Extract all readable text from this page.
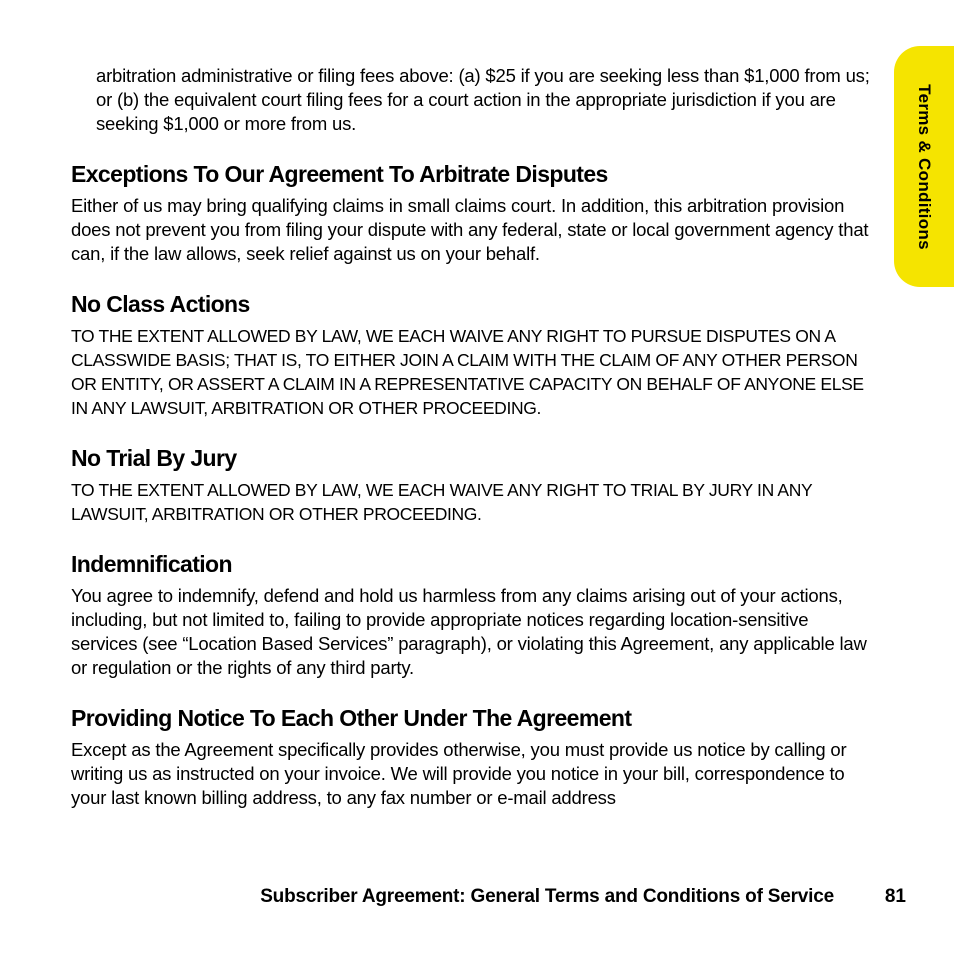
Terms & Conditions

arbitration administrative or filing fees above: (a) $25 if you are seeking less than $1,000 from us; or (b) the equivalent court filing fees for a court action in the appropriate jurisdiction if you are seeking $1,000 or more from us.

Exceptions To Our Agreement To Arbitrate Disputes

Either of us may bring qualifying claims in small claims court. In addition, this arbitration provision does not prevent you from filing your dispute with any federal, state or local government agency that can, if the law allows, seek relief against us on your behalf.

No Class Actions

TO THE EXTENT ALLOWED BY LAW, WE EACH WAIVE ANY RIGHT TO PURSUE DISPUTES ON A CLASSWIDE BASIS; THAT IS, TO EITHER JOIN A CLAIM WITH THE CLAIM OF ANY OTHER PERSON OR ENTITY, OR ASSERT A CLAIM IN A REPRESENTATIVE CAPACITY ON BEHALF OF ANYONE ELSE IN ANY LAWSUIT, ARBITRATION OR OTHER PROCEEDING.

No Trial By Jury

TO THE EXTENT ALLOWED BY LAW, WE EACH WAIVE ANY RIGHT TO TRIAL BY JURY IN ANY LAWSUIT, ARBITRATION OR OTHER PROCEEDING.

Indemnification

You agree to indemnify, defend and hold us harmless from any claims arising out of your actions, including, but not limited to, failing to provide appropriate notices regarding location-sensitive services (see “Location Based Services” paragraph), or violating this Agreement, any applicable law or regulation or the rights of any third party.

Providing Notice To Each Other Under The Agreement

Except as the Agreement specifically provides otherwise, you must provide us notice by calling or writing us as instructed on your invoice. We will provide you notice in your bill, correspondence to your last known billing address, to any fax number or e-mail address

Subscriber Agreement: General Terms and Conditions of Service	81
